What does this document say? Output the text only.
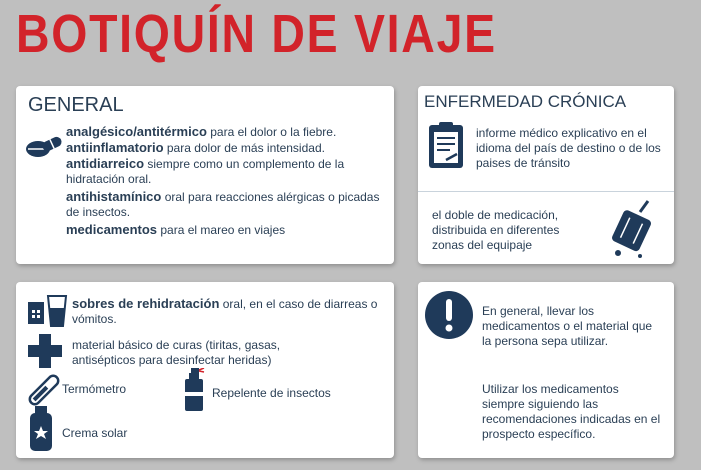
BOTIQUÍN DE VIAJE
GENERAL
analgésico/antitérmico para el dolor o la fiebre.
antiinflamatorio para dolor de más intensidad.
antidiarreico siempre como un complemento de la hidratación oral.
antihistamínico oral para reacciones alérgicas o picadas de insectos.
medicamentos para el mareo en viajes
ENFERMEDAD CRÓNICA
informe médico explicativo en el idioma del país de destino o de los paises de tránsito
el doble de medicación, distribuida en diferentes zonas del equipaje
sobres de rehidratación oral, en el caso de diarreas o vómitos.
material básico de curas (tiritas, gasas, antisépticos para desinfectar heridas)
Termómetro	Repelente de insectos
Crema solar
En general, llevar los medicamentos o el material que la persona sepa utilizar.
Utilizar los medicamentos siempre siguiendo las recomendaciones indicadas en el prospecto específico.
